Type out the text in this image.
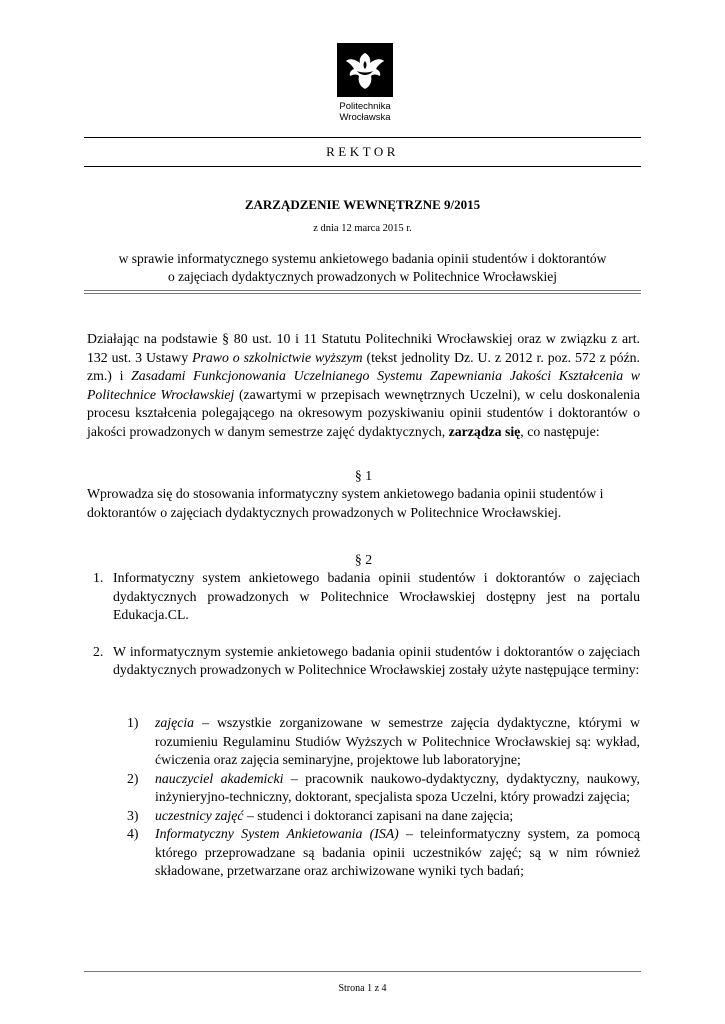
Politechnika
Wrocławska
REKTOR
ZARZĄDZENIE WEWNĘTRZNE 9/2015
z dnia 12 marca 2015 r.
w sprawie informatycznego systemu ankietowego badania opinii studentów i doktorantów
o zajęciach dydaktycznych prowadzonych w Politechnice Wrocławskiej
Działając na podstawie § 80 ust. 10 i 11 Statutu Politechniki Wrocławskiej oraz w związku z art. 132 ust. 3 Ustawy Prawo o szkolnictwie wyższym (tekst jednolity Dz. U. z 2012 r. poz. 572 z późn. zm.) i Zasadami Funkcjonowania Uczelnianego Systemu Zapewniania Jakości Kształcenia w Politechnice Wrocławskiej (zawartymi w przepisach wewnętrznych Uczelni), w celu doskonalenia procesu kształcenia polegającego na okresowym pozyskiwaniu opinii studentów i doktorantów o jakości prowadzonych w danym semestrze zajęć dydaktycznych, zarządza się, co następuje:
§ 1
Wprowadza się do stosowania informatyczny system ankietowego badania opinii studentów i doktorantów o zajęciach dydaktycznych prowadzonych w Politechnice Wrocławskiej.
§ 2
1. Informatyczny system ankietowego badania opinii studentów i doktorantów o zajęciach dydaktycznych prowadzonych w Politechnice Wrocławskiej dostępny jest na portalu Edukacja.CL.
2. W informatycznym systemie ankietowego badania opinii studentów i doktorantów o zajęciach dydaktycznych prowadzonych w Politechnice Wrocławskiej zostały użyte następujące terminy:
1) zajęcia – wszystkie zorganizowane w semestrze zajęcia dydaktyczne, którymi w rozumieniu Regulaminu Studiów Wyższych w Politechnice Wrocławskiej są: wykład, ćwiczenia oraz zajęcia seminaryjne, projektowe lub laboratoryjne;
2) nauczyciel akademicki – pracownik naukowo-dydaktyczny, dydaktyczny, naukowy, inżynieryjno-techniczny, doktorant, specjalista spoza Uczelni, który prowadzi zajęcia;
3) uczestnicy zajęć – studenci i doktoranci zapisani na dane zajęcia;
4) Informatyczny System Ankietowania (ISA) – teleinformatyczny system, za pomocą którego przeprowadzane są badania opinii uczestników zajęć; są w nim również składowane, przetwarzane oraz archiwizowane wyniki tych badań;
Strona 1 z 4
